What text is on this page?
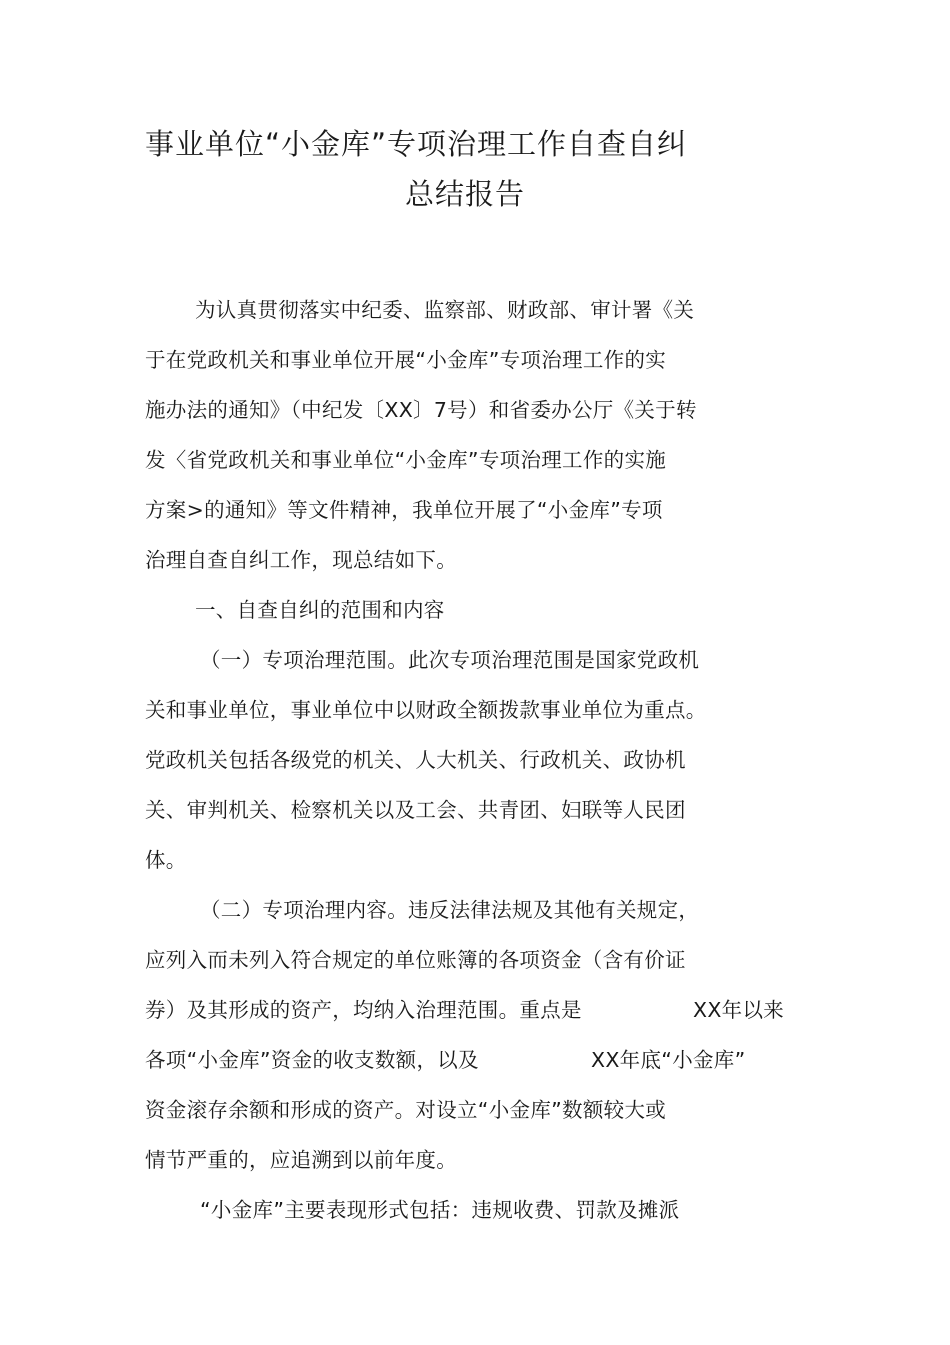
事业单位“小金库”专项治理工作自查自纠
总结报告
为认真贯彻落实中纪委、监察部、财政部、审计署《关
于在党政机关和事业单位开展“小金库”专项治理工作的实
施办法的通知》（中纪发〔XX〕7号）和省委办公厅《关于转
发〈省党政机关和事业单位“小金库”专项治理工作的实施
方案>的通知》等文件精神，我单位开展了“小金库”专项
治理自查自纠工作，现总结如下。
一、自查自纠的范围和内容
（一）专项治理范围。此次专项治理范围是国家党政机
关和事业单位，事业单位中以财政全额拨款事业单位为重点。
党政机关包括各级党的机关、人大机关、行政机关、政协机
关、审判机关、检察机关以及工会、共青团、妇联等人民团
体。
（二）专项治理内容。违反法律法规及其他有关规定，
应列入而未列入符合规定的单位账簿的各项资金（含有价证
券）及其形成的资产，均纳入治理范围。重点是	XX年以来
各项“小金库”资金的收支数额，以及	XX年底“小金库”
资金滚存余额和形成的资产。对设立“小金库”数额较大或
情节严重的，应追溯到以前年度。
“小金库”主要表现形式包括：违规收费、罚款及摊派
